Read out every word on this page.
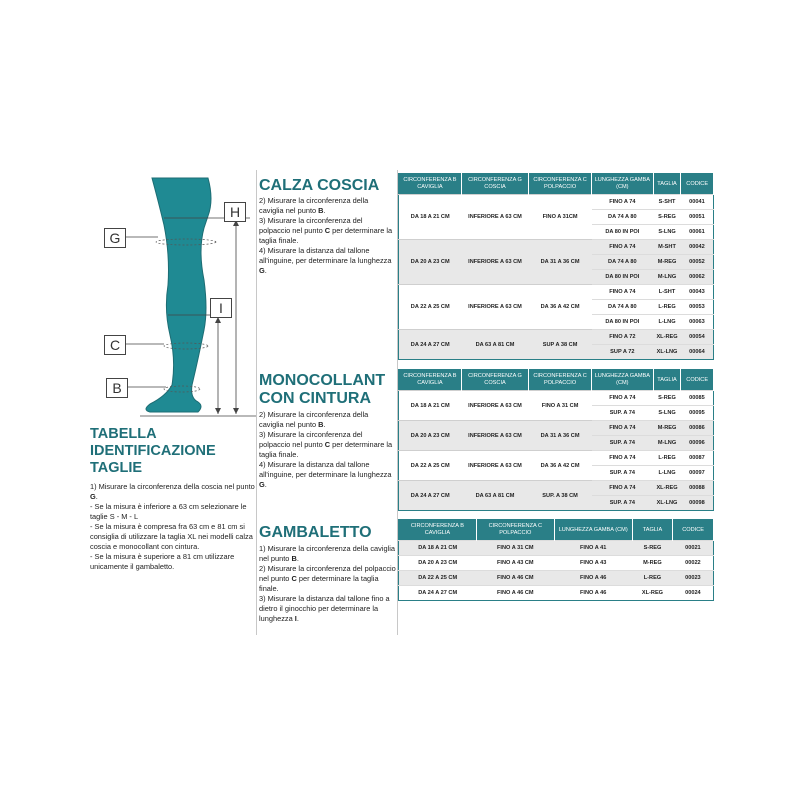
H
G
I
C
B
TABELLA IDENTIFICAZIONE TAGLIE
1) Misurare la circonferenza della coscia nel punto G.
- Se la misura è inferiore a 63 cm selezionare le taglie S - M - L
- Se la misura è compresa fra 63 cm e 81 cm si consiglia di utilizzare la taglia XL nei modelli calza coscia e monocollant con cintura.
- Se la misura è superiore a 81 cm utilizzare unicamente il gambaletto.
CALZA COSCIA
2) Misurare la circonferenza della caviglia nel punto B.
3) Misurare la circonferenza del polpaccio nel punto C per determinare la taglia finale.
4) Misurare la distanza dal tallone all'inguine, per determinare la lunghezza G.
CIRCONFERENZA B CAVIGLIA	CIRCONFERENZA G COSCIA	CIRCONFERENZA C POLPACCIO	LUNGHEZZA GAMBA (CM)	TAGLIA	CODICE
DA 18 A 21 CM	INFERIORE A 63 CM	FINO A 31CM	FINO A 74	S-SHT	00041
			DA 74 A 80	S-REG	00051
			DA 80 IN POI	S-LNG	00061
DA 20 A 23 CM	INFERIORE A 63 CM	DA 31 A 36 CM	FINO A 74	M-SHT	00042
			DA 74 A 80	M-REG	00052
			DA 80 IN POI	M-LNG	00062
DA 22 A 25 CM	INFERIORE A 63 CM	DA 36 A 42 CM	FINO A 74	L-SHT	00043
			DA 74 A 80	L-REG	00053
			DA 80 IN POI	L-LNG	00063
DA 24 A 27 CM	DA 63 A 81 CM	SUP A 38 CM	FINO A 72	XL-REG	00054
			SUP A 72	XL-LNG	00064
MONOCOLLANT CON CINTURA
2) Misurare la circonferenza della caviglia nel punto B.
3) Misurare la circonferenza del polpaccio nel punto C per determinare la taglia finale.
4) Misurare la distanza dal tallone all'inguine, per determinare la lunghezza G.
CIRCONFERENZA B CAVIGLIA	CIRCONFERENZA G COSCIA	CIRCONFERENZA C POLPACCIO	LUNGHEZZA GAMBA (CM)	TAGLIA	CODICE
DA 18 A 21 CM	INFERIORE A 63 CM	FINO A 31 CM	FINO A 74	S-REG	00085
			SUP. A 74	S-LNG	00095
DA 20 A 23 CM	INFERIORE A 63 CM	DA 31 A 36 CM	FINO A 74	M-REG	00086
			SUP. A 74	M-LNG	00096
DA 22 A 25 CM	INFERIORE A 63 CM	DA 36 A 42 CM	FINO A 74	L-REG	00087
			SUP. A 74	L-LNG	00097
DA 24 A 27 CM	DA 63 A 81 CM	SUP. A 38 CM	FINO A 74	XL-REG	00088
			SUP. A 74	XL-LNG	00098
GAMBALETTO
1) Misurare la circonferenza della caviglia nel punto B.
2) Misurare la circonferenza del polpaccio nel punto C per determinare la taglia finale.
3) Misurare la distanza dal tallone fino a dietro il ginocchio per determinare la lunghezza I.
CIRCONFERENZA B CAVIGLIA	CIRCONFERENZA C POLPACCIO	LUNGHEZZA GAMBA (CM)	TAGLIA	CODICE
DA 18 A 21 CM	FINO A 31 CM	FINO A 41	S-REG	00021
DA 20 A 23 CM	FINO A 43 CM	FINO A 43	M-REG	00022
DA 22 A 25 CM	FINO A 46 CM	FINO A 46	L-REG	00023
DA 24 A 27 CM	FINO A 46 CM	FINO A 46	XL-REG	00024
